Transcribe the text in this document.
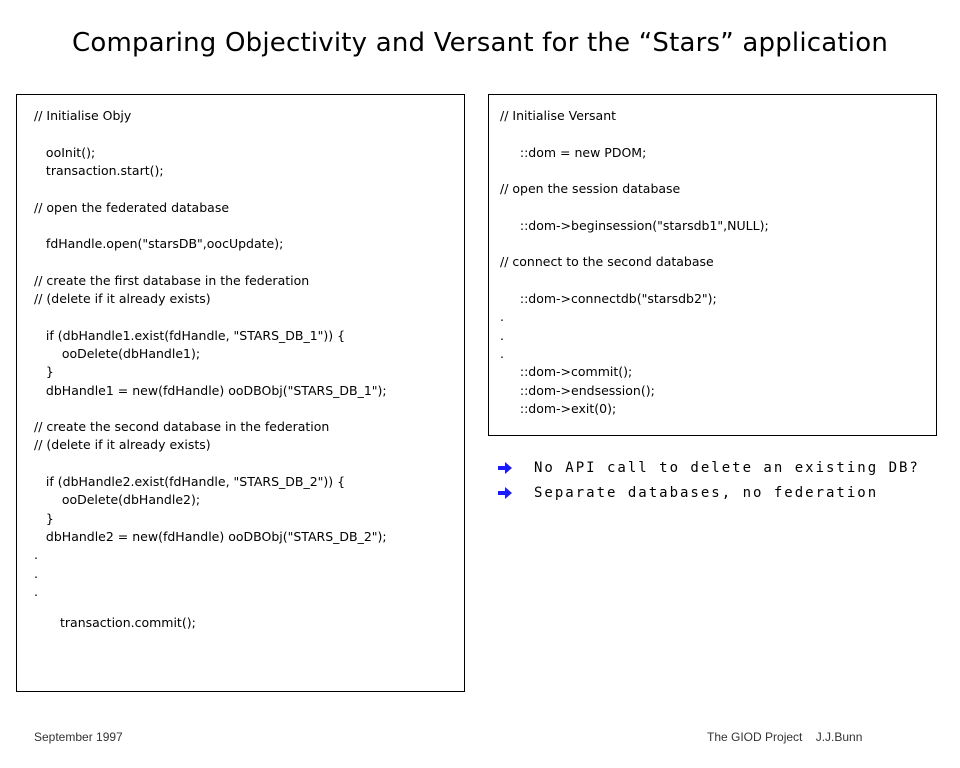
Comparing Objectivity and Versant for the “Stars” application
// Initialise Objy
ooInit();
transaction.start();
// open the federated database
fdHandle.open("starsDB",oocUpdate);
// create the first database in the federation
// (delete if it already exists)
if (dbHandle1.exist(fdHandle, "STARS_DB_1")) {
ooDelete(dbHandle1);
}
dbHandle1 = new(fdHandle) ooDBObj("STARS_DB_1");
// create the second database in the federation
// (delete if it already exists)
if (dbHandle2.exist(fdHandle, "STARS_DB_2")) {
ooDelete(dbHandle2);
}
dbHandle2 = new(fdHandle) ooDBObj("STARS_DB_2");
.
.
.
transaction.commit();
// Initialise Versant
::dom = new PDOM;
// open the session database
::dom->beginsession("starsdb1",NULL);
// connect to the second database
::dom->connectdb("starsdb2");
.
.
.
::dom->commit();
::dom->endsession();
::dom->exit(0);
No API call to delete an existing DB?
Separate databases, no federation
September 1997	The GIOD Project    J.J.Bunn
